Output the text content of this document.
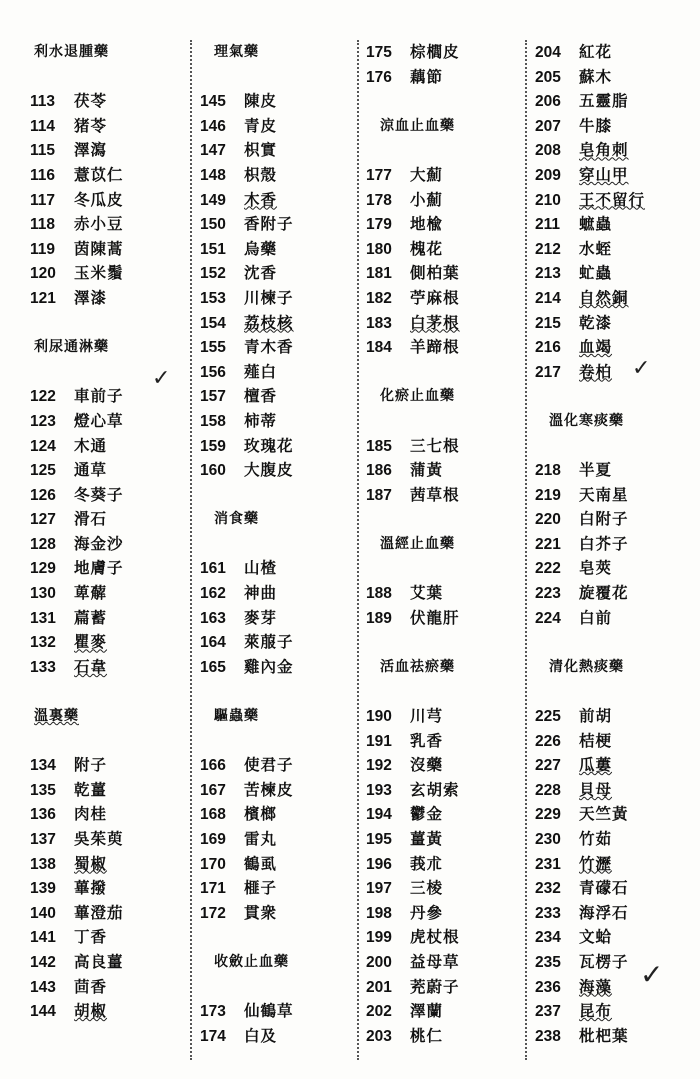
利水退腫藥
113 茯苓
114 猪苓
115 澤瀉
116 薏苡仁
117 冬瓜皮
118 赤小豆
119 茵陳蒿
120 玉米鬚
121 澤漆
利尿通淋藥
122 車前子
123 燈心草
124 木通
125 通草
126 冬葵子
127 滑石
128 海金沙
129 地膚子
130 萆薢
131 萹蓄
132 瞿麥
133 石韋
溫裏藥
134 附子
135 乾薑
136 肉桂
137 吳茱萸
138 蜀椒
139 蓽撥
140 蓽澄茄
141 丁香
142 高良薑
143 茴香
144 胡椒
理氣藥
145 陳皮
146 青皮
147 枳實
148 枳殼
149 木香
150 香附子
151 烏藥
152 沈香
153 川楝子
154 荔枝核
155 青木香
156 薤白
157 檀香
158 柿蒂
159 玫瑰花
160 大腹皮
消食藥
161 山楂
162 神曲
163 麥芽
164 萊菔子
165 雞內金
驅蟲藥
166 使君子
167 苦楝皮
168 檳榔
169 雷丸
170 鶴虱
171 榧子
172 貫衆
收斂止血藥
173 仙鶴草
174 白及
175 棕櫚皮
176 藕節
涼血止血藥
177 大薊
178 小薊
179 地楡
180 槐花
181 側柏葉
182 苧麻根
183 白茅根
184 羊蹄根
化瘀止血藥
185 三七根
186 蒲黃
187 茜草根
溫經止血藥
188 艾葉
189 伏龍肝
活血祛瘀藥
190 川芎
191 乳香
192 沒藥
193 玄胡索
194 鬱金
195 薑黃
196 莪朮
197 三棱
198 丹參
199 虎杖根
200 益母草
201 茺蔚子
202 澤蘭
203 桃仁
204 紅花
205 蘇木
206 五靈脂
207 牛膝
208 皂角刺
209 穿山甲
210 王不留行
211 蟅蟲
212 水蛭
213 虻蟲
214 自然銅
215 乾漆
216 血竭
217 卷柏
溫化寒痰藥
218 半夏
219 天南星
220 白附子
221 白芥子
222 皂莢
223 旋覆花
224 白前
清化熱痰藥
225 前胡
226 桔梗
227 瓜蔞
228 貝母
229 天竺黃
230 竹茹
231 竹瀝
232 青礞石
233 海浮石
234 文蛤
235 瓦楞子
236 海藻
237 昆布
238 枇杷葉
✓	✓
✓
